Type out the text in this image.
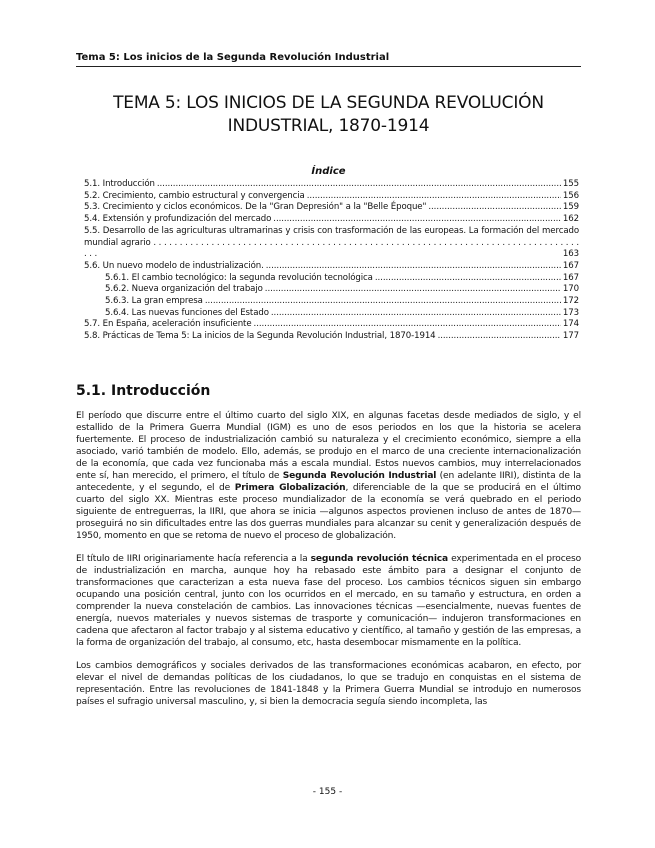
Tema 5: Los inicios de la Segunda Revolución Industrial
TEMA 5: LOS INICIOS DE LA SEGUNDA REVOLUCIÓN INDUSTRIAL, 1870-1914
Índice
5.1. Introducción . . .	155
5.2. Crecimiento, cambio estructural y convergencia . . .	156
5.3. Crecimiento y ciclos económicos. De la "Gran Depresión" a la "Belle Époque" . . .	159
5.4. Extensión y profundización del mercado . . .	162
5.5. Desarrollo de las agriculturas ultramarinas y crisis con trasformación de las europeas. La formación del mercado mundial agrario . . . . . . . . . . . . . . . . . . . . . . . . . . . . . . . . . . . . . . . . . . . . . . . . . . . . . . . . . . . . . . . . . . . . . . . . . . . . . . . . . . . .	163
5.6. Un nuevo modelo de industrialización. . . .	167
5.6.1. El cambio tecnológico: la segunda revolución tecnológica . . .	167
5.6.2. Nueva organización del trabajo . . .	170
5.6.3. La gran empresa . . .	172
5.6.4. Las nuevas funciones del Estado . . .	173
5.7. En España, aceleración insuficiente . . .	174
5.8. Prácticas de Tema 5: La inicios de la Segunda Revolución Industrial, 1870-1914 . . .	177
5.1. Introducción

El período que discurre entre el último cuarto del siglo XIX, en algunas facetas desde mediados de siglo, y el estallido de la Primera Guerra Mundial (IGM) es uno de esos periodos en los que la historia se acelera fuertemente. El proceso de industrialización cambió su naturaleza y el crecimiento económico, siempre a ella asociado, varió también de modelo. Ello, además, se produjo en el marco de una creciente internacionalización de la economía, que cada vez funcionaba más a escala mundial. Estos nuevos cambios, muy interrelacionados ente sí, han merecido, el primero, el título de Segunda Revolución Industrial (en adelante IIRI), distinta de la antecedente, y el segundo, el de Primera Globalización, diferenciable de la que se producirá en el último cuarto del siglo XX. Mientras este proceso mundializador de la economía se verá quebrado en el periodo siguiente de entreguerras, la IIRI, que ahora se inicia —algunos aspectos provienen incluso de antes de 1870— proseguirá no sin dificultades entre las dos guerras mundiales para alcanzar su cenit y generalización después de 1950, momento en que se retoma de nuevo el proceso de globalización.

El título de IIRI originariamente hacía referencia a la segunda revolución técnica experimentada en el proceso de industrialización en marcha, aunque hoy ha rebasado este ámbito para a designar el conjunto de transformaciones que caracterizan a esta nueva fase del proceso. Los cambios técnicos siguen sin embargo ocupando una posición central, junto con los ocurridos en el mercado, en su tamaño y estructura, en orden a comprender la nueva constelación de cambios. Las innovaciones técnicas —esencialmente, nuevas fuentes de energía, nuevos materiales y nuevos sistemas de trasporte y comunicación— indujeron transformaciones en cadena que afectaron al factor trabajo y al sistema educativo y científico, al tamaño y gestión de las empresas, a la forma de organización del trabajo, al consumo, etc, hasta desembocar mismamente en la política.

Los cambios demográficos y sociales derivados de las transformaciones económicas acabaron, en efecto, por elevar el nivel de demandas políticas de los ciudadanos, lo que se tradujo en conquistas en el sistema de representación. Entre las revoluciones de 1841-1848 y la Primera Guerra Mundial se introdujo en numerosos países el sufragio universal masculino, y, si bien la democracia seguía siendo incompleta, las

- 155 -
